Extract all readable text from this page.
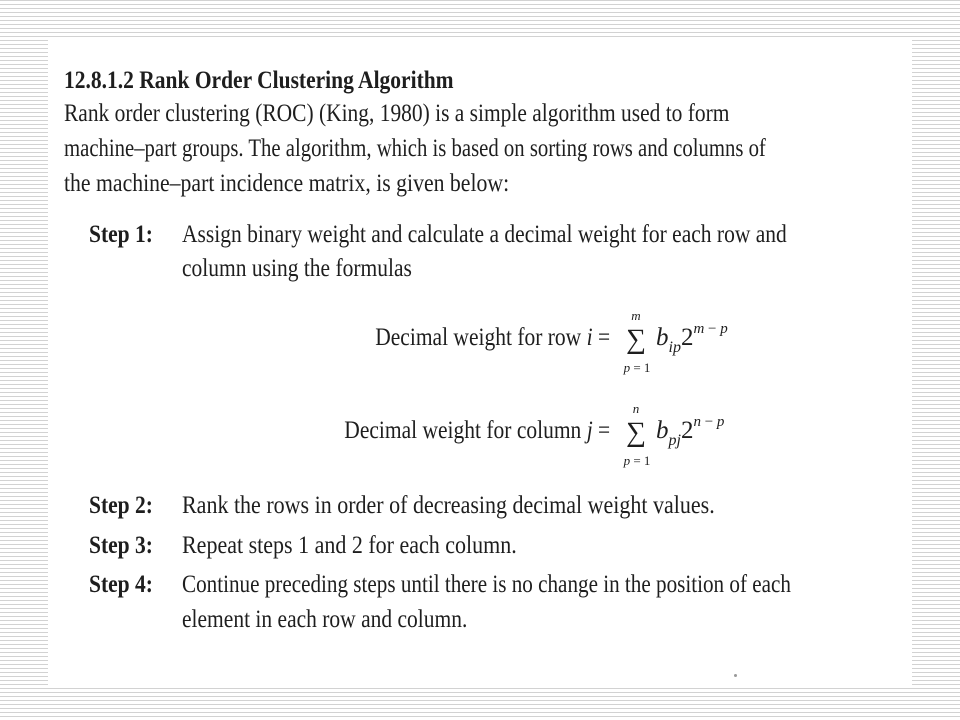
12.8.1.2 Rank Order Clustering Algorithm
Rank order clustering (ROC) (King, 1980) is a simple algorithm used to form
machine–part groups. The algorithm, which is based on sorting rows and columns of
the machine–part incidence matrix, is given below:
Step 1: Assign binary weight and calculate a decimal weight for each row and
column using the formulas
Decimal weight for row i =
m
∑
p = 1
$b_{ip}2^{m - p}$
Decimal weight for column j =
n
∑
p = 1
$b_{pj}2^{n - p}$
Step 2: Rank the rows in order of decreasing decimal weight values.
Step 3: Repeat steps 1 and 2 for each column.
Step 4: Continue preceding steps until there is no change in the position of each
element in each row and column.
